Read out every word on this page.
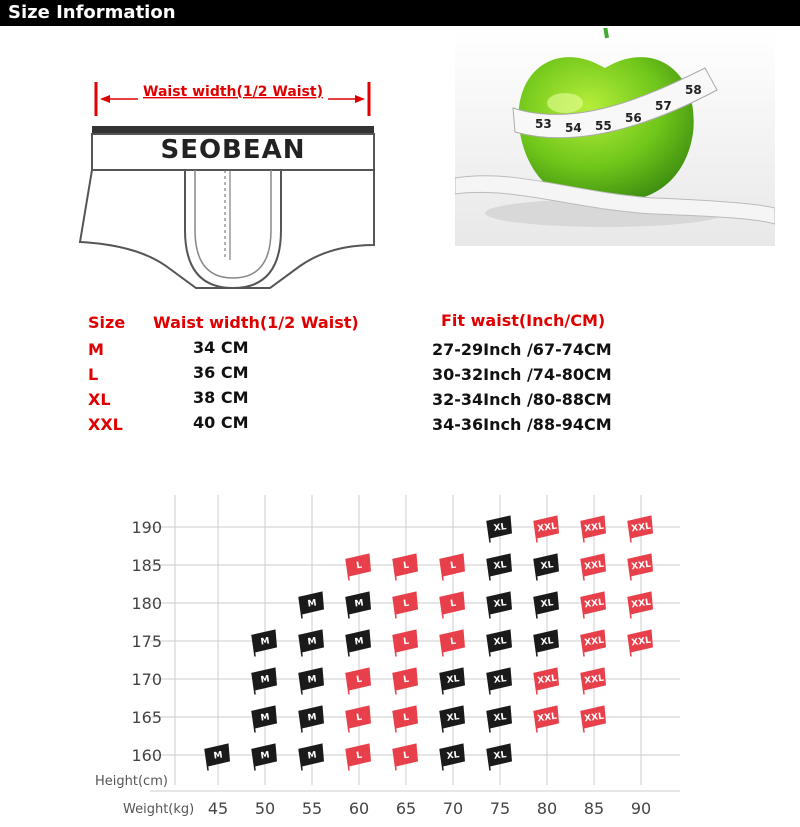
Size Information
Waist width(1/2 Waist)
SEOBEAN
53 54 55
56
57
58
Size Waist width(1/2 Waist)	Fit waist(Inch/CM)
M	34 CM	27-29Inch /67-74CM
L	36 CM	30-32Inch /74-80CM
XL	38 CM	32-34Inch /80-88CM
XXL	40 CM	34-36Inch /88-94CM
190
185
180
175
170
165
160
45 50 55 60 65 70 75 80 85 90
Height(cm)
Weight(kg)
XL	XXL	XXL	XXL
L	L	L	XL	XL	XXL	XXL
M	M	L	L	XL	XL	XXL	XXL
M	M	M	L	L	XL	XL	XXL	XXL
M	M	L	L	XL	XL	XXL	XXL
M	M	L	L	XL	XL	XXL	XXL
M	M	M	L	L	XL	XL
